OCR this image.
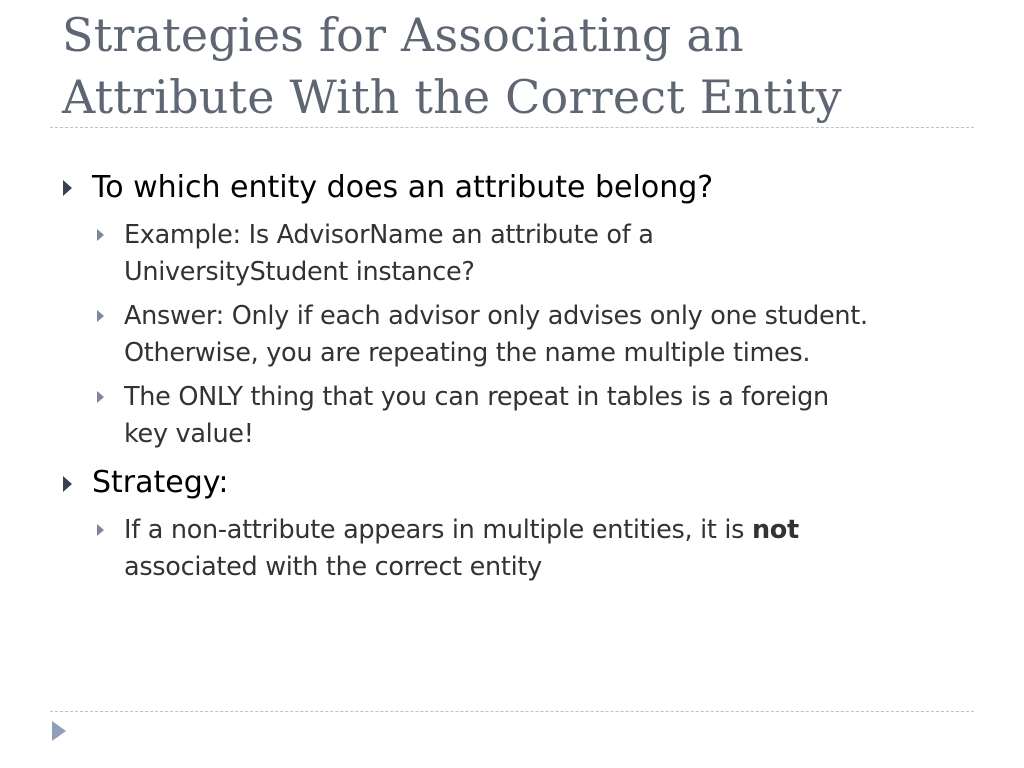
Strategies for Associating an
Attribute With the Correct Entity
To which entity does an attribute belong?
Example: Is AdvisorName an attribute of a
UniversityStudent instance?
Answer: Only if each advisor only advises only one student.
Otherwise, you are repeating the name multiple times.
The ONLY thing that you can repeat in tables is a foreign
key value!
Strategy:
If a non-attribute appears in multiple entities, it is not
associated with the correct entity
